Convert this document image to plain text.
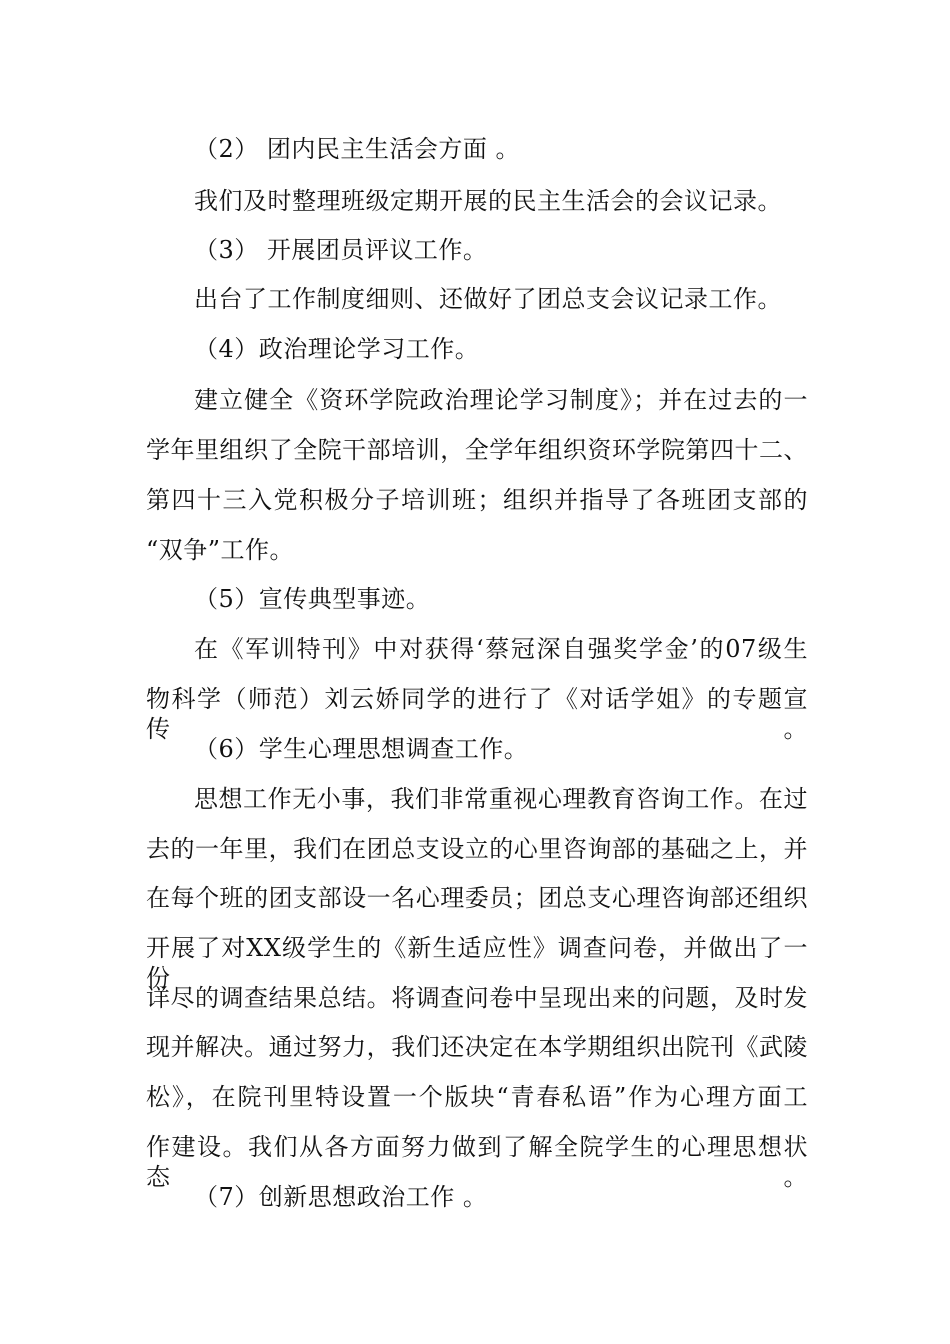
（2） 团内民主生活会方面 。
我们及时整理班级定期开展的民主生活会的会议记录。
（3） 开展团员评议工作。
出台了工作制度细则、还做好了团总支会议记录工作。
（4）政治理论学习工作。
建立健全《资环学院政治理论学习制度》；并在过去的一
学年里组织了全院干部培训，全学年组织资环学院第四十二、
第四十三入党积极分子培训班；组织并指导了各班团支部的
“双争”工作。
（5）宣传典型事迹。
在《军训特刊》中对获得‘蔡冠深自强奖学金’的07级生
物科学（师范）刘云娇同学的进行了《对话学姐》的专题宣传。
（6）学生心理思想调查工作。
思想工作无小事，我们非常重视心理教育咨询工作。在过
去的一年里，我们在团总支设立的心里咨询部的基础之上，并
在每个班的团支部设一名心理委员；团总支心理咨询部还组织
开展了对XX级学生的《新生适应性》调查问卷，并做出了一份
详尽的调查结果总结。将调查问卷中呈现出来的问题，及时发
现并解决。通过努力，我们还决定在本学期组织出院刊《武陵
松》，在院刊里特设置一个版块“青春私语”作为心理方面工
作建设。我们从各方面努力做到了解全院学生的心理思想状态。
（7）创新思想政治工作 。
